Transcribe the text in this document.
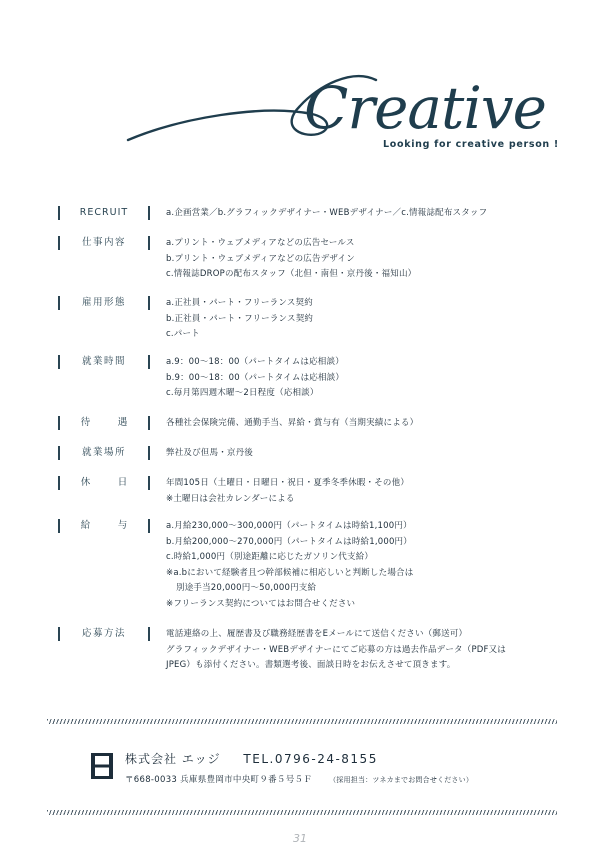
Creative
Looking for creative person !
RECRUIT	a.企画営業／b.グラフィックデザイナー・WEBデザイナー／c.情報誌配布スタッフ
仕事内容	a.プリント・ウェブメディアなどの広告セールス
b.プリント・ウェブメディアなどの広告デザイン
c.情報誌DROPの配布スタッフ（北但・南但・京丹後・福知山）
雇用形態	a.正社員・パート・フリーランス契約
b.正社員・パート・フリーランス契約
c.パート
就業時間	a.9：00〜18：00（パートタイムは応相談）
b.9：00〜18：00（パートタイムは応相談）
c.毎月第四週木曜〜2日程度（応相談）
待　遇	各種社会保険完備、通勤手当、昇給・賞与有（当期実績による）
就業場所	弊社及び但馬・京丹後
休　日	年間105日（土曜日・日曜日・祝日・夏季冬季休暇・その他）
※土曜日は会社カレンダーによる
給　与	a.月給230,000〜300,000円（パートタイムは時給1,100円）
b.月給200,000〜270,000円（パートタイムは時給1,000円）
c.時給1,000円（別途距離に応じたガソリン代支給）
※a.bにおいて経験者且つ幹部候補に相応しいと判断した場合は
別途手当20,000円〜50,000円支給
※フリーランス契約についてはお問合せください
応募方法	電話連絡の上、履歴書及び職務経歴書をEメールにて送信ください（郵送可）
グラフィックデザイナー・WEBデザイナーにてご応募の方は過去作品データ（PDF又は
JPEG）も添付ください。書類選考後、面談日時をお伝えさせて頂きます。
株式会社 エッジ TEL.0796-24-8155
〒668-0033 兵庫県豊岡市中央町９番５号５Ｆ （採用担当：ツネカまでお問合せください）
31
